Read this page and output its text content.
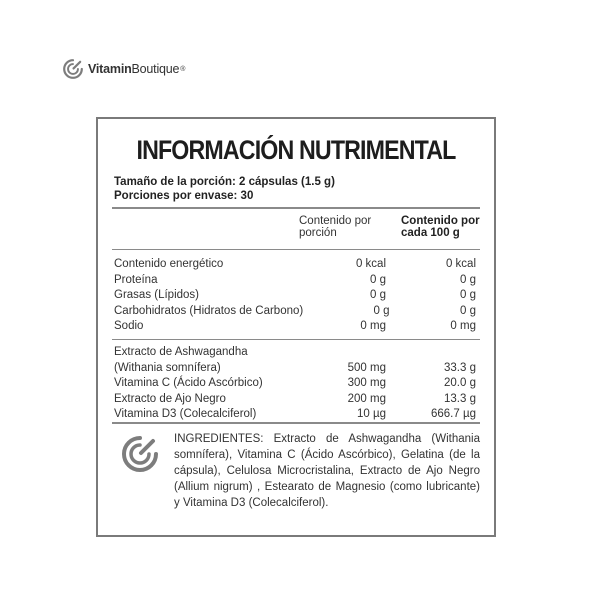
VitaminBoutique®
INFORMACIÓN NUTRIMENTAL
Tamaño de la porción: 2 cápsulas (1.5 g)
Porciones por envase: 30
Contenido por
porción
Contenido por
cada 100 g
Contenido energético	0 kcal	0 kcal
Proteína	0 g	0 g
Grasas (Lípidos)	0 g	0 g
Carbohidratos (Hidratos de Carbono)	0 g	0 g
Sodio	0 mg	0 mg
Extracto de Ashwagandha
(Withania somnífera)	500 mg	33.3 g
Vitamina C (Ácido Ascórbico)	300 mg	20.0 g
Extracto de Ajo Negro	200 mg	13.3 g
Vitamina D3 (Colecalciferol)	10 µg	666.7 µg
INGREDIENTES: Extracto de Ashwagandha (Withania somnífera), Vitamina C (Ácido Ascórbico), Gelatina (de la cápsula), Celulosa Microcristalina, Extracto de Ajo Negro (Allium nigrum) , Estearato de Magnesio (como lubricante) y Vitamina D3 (Colecalciferol).
